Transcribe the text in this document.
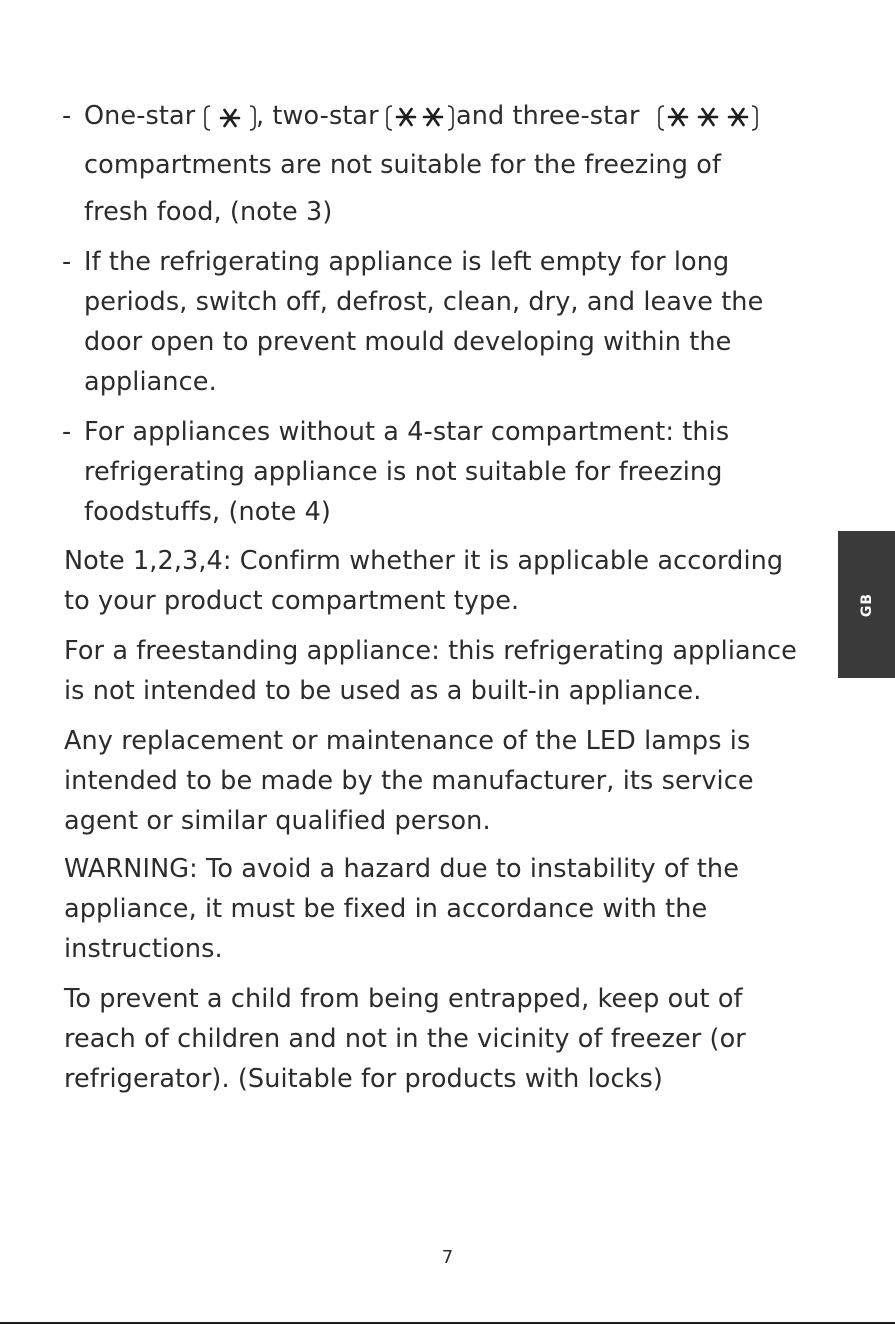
- One-star , two-star	and three-star
compartments are not suitable for the freezing of
fresh food, (note 3)
- If the refrigerating appliance is left empty for long
periods, switch off, defrost, clean, dry, and leave the
door open to prevent mould developing within the
appliance.
- For appliances without a 4-star compartment: this
refrigerating appliance is not suitable for freezing
foodstuffs, (note 4)
Note 1,2,3,4: Confirm whether it is applicable according
to your product compartment type.
For a freestanding appliance: this refrigerating appliance
is not intended to be used as a built-in appliance.
Any replacement or maintenance of the LED lamps is
intended to be made by the manufacturer, its service
agent or similar qualified person.
WARNING: To avoid a hazard due to instability of the
appliance, it must be fixed in accordance with the
instructions.
To prevent a child from being entrapped, keep out of
reach of children and not in the vicinity of freezer (or
refrigerator). (Suitable for products with locks)
GB
7
